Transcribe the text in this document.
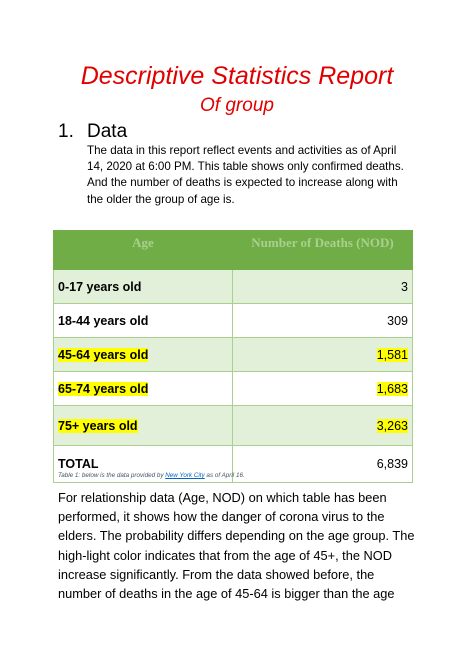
Descriptive Statistics Report
Of group
1. Data
The data in this report reflect events and activities as of April 14, 2020 at 6:00 PM. This table shows only confirmed deaths. And the number of deaths is expected to increase along with the older the group of age is.
Age	Number of Deaths (NOD)
0-17 years old	3
18-44 years old	309
45-64 years old	1,581
65-74 years old	1,683
75+ years old	3,263
TOTAL	6,839
Table 1: below is the data provided by New York City as of April 16.
For relationship data (Age, NOD) on which table has been performed, it shows how the danger of corona virus to the elders. The probability differs depending on the age group. The high-light color indicates that from the age of 45+, the NOD increase significantly. From the data showed before, the number of deaths in the age of 45-64 is bigger than the age
